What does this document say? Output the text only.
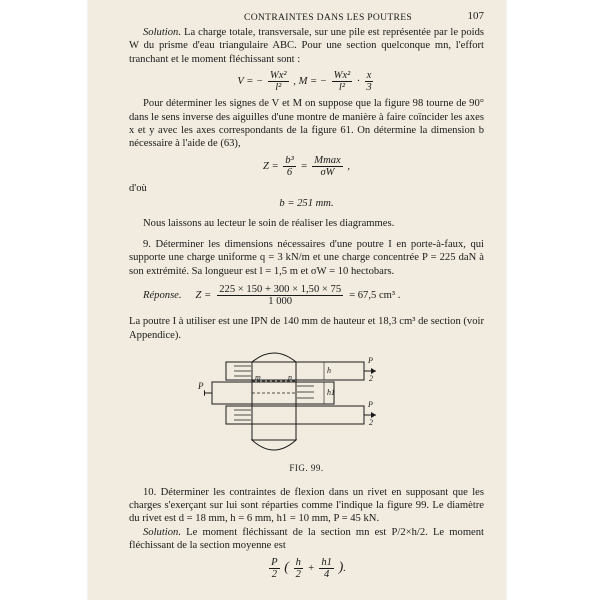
CONTRAINTES DANS LES POUTRES	107

Solution. La charge totale, transversale, sur une pile est représentée par le poids W du prisme d'eau triangulaire ABC. Pour une section quelconque mn, l'effort tranchant et le moment fléchissant sont :

V = − $\frac{\text{Wx²}}{\text{l²}}$ , M = − $\frac{\text{Wx²}}{\text{l²}} \cdot \frac{x}{3}$

Pour déterminer les signes de V et M on suppose que la figure 98 tourne de 90° dans le sens inverse des aiguilles d'une montre de manière à faire coïncider les axes x et y avec les axes correspondants de la figure 61. On détermine la dimension b nécessaire à l'aide de (63),

$Z = \frac{\text{b³}}{6} = \frac{Mmax}{\sigma W}$ ,

d'où

b = 251 mm.

Nous laissons au lecteur le soin de réaliser les diagrammes.

9. Déterminer les dimensions nécessaires d'une poutre I en porte-à-faux, qui supporte une charge uniforme q = 3 kN/m et une charge concentrée P = 225 daN à son extrémité. Sa longueur est l = 1,5 m et σW = 10 hectobars.

Réponse. $Z = \frac{225 \times 150 + 300 \times 1,50 \times 75}{1 000} = 67,5$ cm³ .

La poutre I à utiliser est une IPN de 140 mm de hauteur et 18,3 cm³ de section (voir Appendice).

P
P
2
P
2
m	n
h
h1
FIG. 99.

10. Déterminer les contraintes de flexion dans un rivet en supposant que les charges s'exerçant sur lui sont réparties comme l'indique la figure 99. Le diamètre du rivet est d = 18 mm, h = 6 mm, h1 = 10 mm, P = 45 kN.

Solution. Le moment fléchissant de la section mn est P/2×h/2. Le moment fléchissant de la section moyenne est

$\frac{P}{2}$ ( $\frac{h}{2} + \frac{h1}{4}$ ).
